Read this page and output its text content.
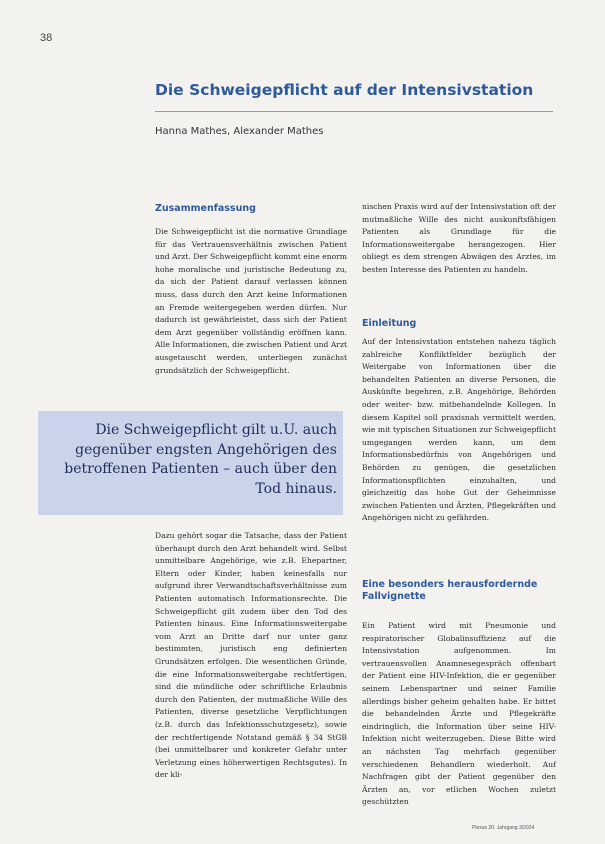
38
Die Schweigepflicht auf der Intensivstation
Hanna Mathes, Alexander Mathes
Zusammenfassung

Die Schweigepflicht ist die normative Grundlage für das Vertrauensverhältnis zwischen Patient und Arzt. Der Schweigepflicht kommt eine enorm hohe moralische und juristische Bedeutung zu, da sich der Patient darauf verlassen können muss, dass durch den Arzt keine Informationen an Fremde weitergegeben werden dürfen. Nur dadurch ist gewährleistet, dass sich der Patient dem Arzt gegenüber vollständig eröffnen kann. Alle Informationen, die zwischen Patient und Arzt ausgetauscht werden, unterliegen zunächst grundsätzlich der Schweigepflicht.

Die Schweigepflicht gilt u.U. auch gegenüber engsten Angehörigen des betroffenen Patienten – auch über den Tod hinaus.

Dazu gehört sogar die Tatsache, dass der Patient überhaupt durch den Arzt behandelt wird. Selbst unmittelbare Angehörige, wie z.B. Ehepartner, Eltern oder Kinder, haben keinesfalls nur aufgrund ihrer Verwandtschaftsverhältnisse zum Patienten automatisch Informationsrechte. Die Schweigepflicht gilt zudem über den Tod des Patienten hinaus. Eine Informationsweitergabe vom Arzt an Dritte darf nur unter ganz bestimmten, juristisch eng definierten Grundsätzen erfolgen. Die wesentlichen Gründe, die eine Informationsweitergabe rechtfertigen, sind die mündliche oder schriftliche Erlaubnis durch den Patienten, der mutmaßliche Wille des Patienten, diverse gesetzliche Verpflichtungen (z.B. durch das Infektionsschutzgesetz), sowie der rechtfertigende Notstand gemäß § 34 StGB (bei unmittelbarer und konkreter Gefahr unter Verletzung eines höherwertigen Rechtsgutes). In der kli-

nischen Praxis wird auf der Intensivstation oft der mutmaßliche Wille des nicht auskunftsfähigen Patienten als Grundlage für die Informationsweitergabe herangezogen. Hier obliegt es dem strengen Abwägen des Arztes, im besten Interesse des Patienten zu handeln.

Einleitung

Auf der Intensivstation entstehen nahezu täglich zahlreiche Konfliktfelder bezüglich der Weitergabe von Informationen über die behandelten Patienten an diverse Personen, die Auskünfte begehren, z.B. Angehörige, Behörden oder weiter- bzw. mitbehandelnde Kollegen. In diesem Kapitel soll praxisnah vermittelt werden, wie mit typischen Situationen zur Schweigepflicht umgegangen werden kann, um dem Informationsbedürfnis von Angehörigen und Behörden zu genügen, die gesetzlichen Informationspflichten einzuhalten, und gleichzeitig das hohe Gut der Geheimnisse zwischen Patienten und Ärzten, Pflegekräften und Angehörigen nicht zu gefährden.

Eine besonders herausfordernde Fallvignette

Ein Patient wird mit Pneumonie und respiratorischer Globalinsuffizienz auf die Intensivstation aufgenommen. Im vertrauensvollen Anamnesegespräch offenbart der Patient eine HIV-Infektion, die er gegenüber seinem Lebenspartner und seiner Familie allerdings bisher geheim gehalten habe. Er bittet die behandelnden Ärzte und Pflegekräfte eindringlich, die Information über seine HIV-Infektion nicht weiterzugeben. Diese Bitte wird an nächsten Tag mehrfach gegenüber verschiedenen Behandlern wiederholt. Auf Nachfragen gibt der Patient gegenüber den Ärzten an, vor etlichen Wochen zuletzt geschützten

Plexus 20. Jahrgang 3/2024
